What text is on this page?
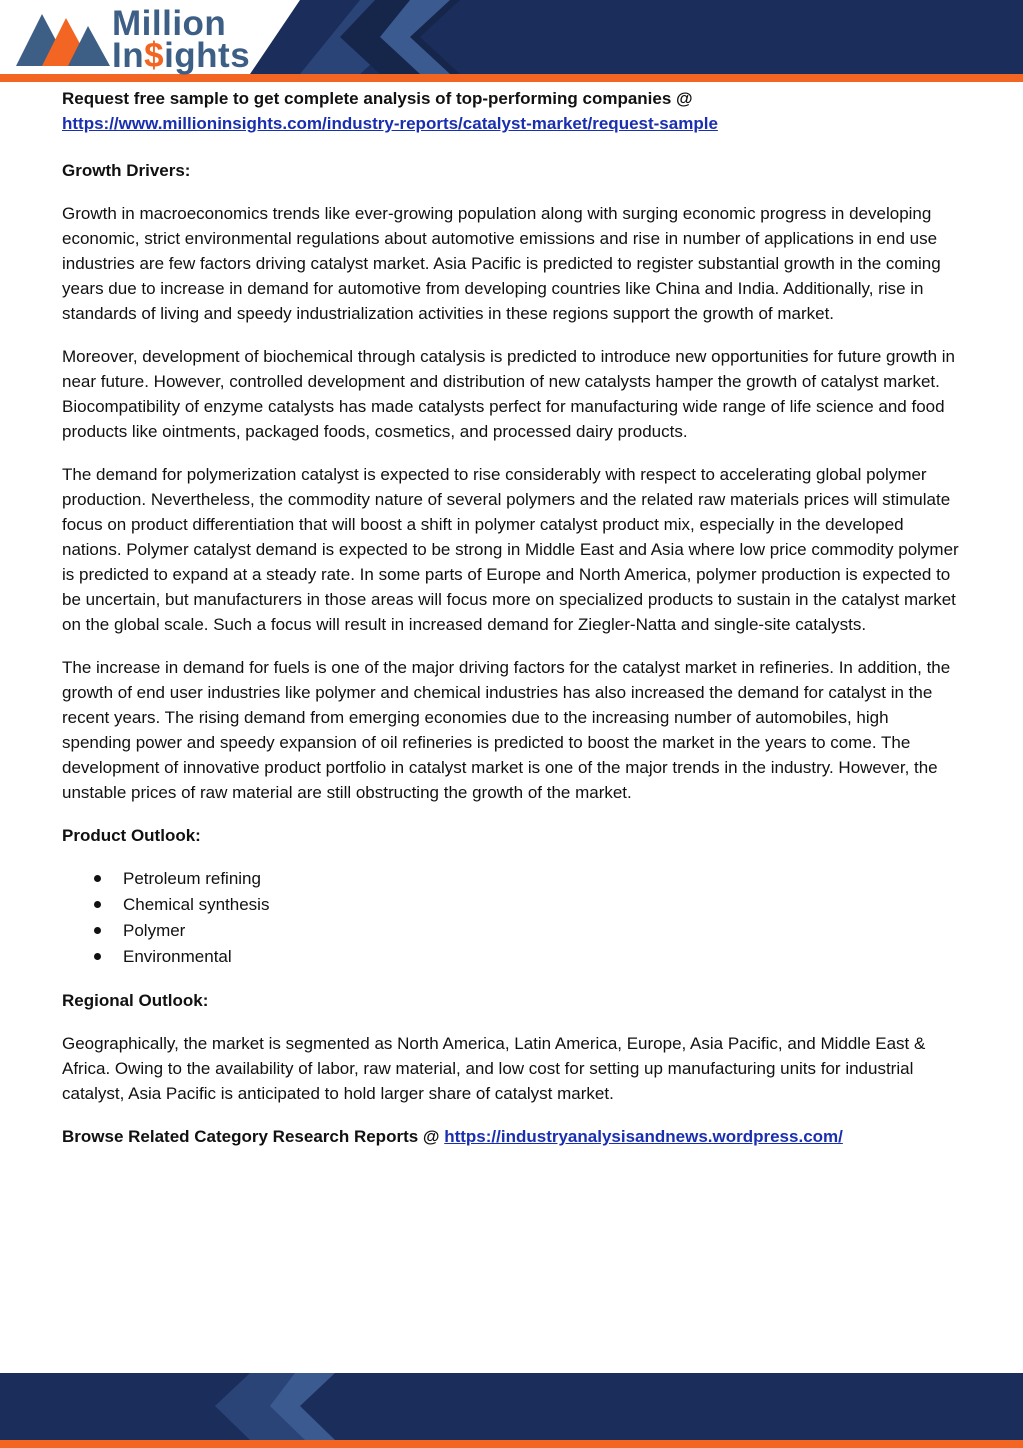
Million
In$ights

Request free sample to get complete analysis of top-performing companies @
https://www.millioninsights.com/industry-reports/catalyst-market/request-sample

Growth Drivers:

Growth in macroeconomics trends like ever-growing population along with surging economic progress in developing economic, strict environmental regulations about automotive emissions and rise in number of applications in end use industries are few factors driving catalyst market. Asia Pacific is predicted to register substantial growth in the coming years due to increase in demand for automotive from developing countries like China and India. Additionally, rise in standards of living and speedy industrialization activities in these regions support the growth of market.

Moreover, development of biochemical through catalysis is predicted to introduce new opportunities for future growth in near future. However, controlled development and distribution of new catalysts hamper the growth of catalyst market. Biocompatibility of enzyme catalysts has made catalysts perfect for manufacturing wide range of life science and food products like ointments, packaged foods, cosmetics, and processed dairy products.

The demand for polymerization catalyst is expected to rise considerably with respect to accelerating global polymer production. Nevertheless, the commodity nature of several polymers and the related raw materials prices will stimulate focus on product differentiation that will boost a shift in polymer catalyst product mix, especially in the developed nations. Polymer catalyst demand is expected to be strong in Middle East and Asia where low price commodity polymer is predicted to expand at a steady rate. In some parts of Europe and North America, polymer production is expected to be uncertain, but manufacturers in those areas will focus more on specialized products to sustain in the catalyst market on the global scale. Such a focus will result in increased demand for Ziegler-Natta and single-site catalysts.

The increase in demand for fuels is one of the major driving factors for the catalyst market in refineries. In addition, the growth of end user industries like polymer and chemical industries has also increased the demand for catalyst in the recent years. The rising demand from emerging economies due to the increasing number of automobiles, high spending power and speedy expansion of oil refineries is predicted to boost the market in the years to come. The development of innovative product portfolio in catalyst market is one of the major trends in the industry. However, the unstable prices of raw material are still obstructing the growth of the market.

Product Outlook:

Petroleum refining
Chemical synthesis
Polymer
Environmental

Regional Outlook:

Geographically, the market is segmented as North America, Latin America, Europe, Asia Pacific, and Middle East & Africa. Owing to the availability of labor, raw material, and low cost for setting up manufacturing units for industrial catalyst, Asia Pacific is anticipated to hold larger share of catalyst market.

Browse Related Category Research Reports @ https://industryanalysisandnews.wordpress.com/
